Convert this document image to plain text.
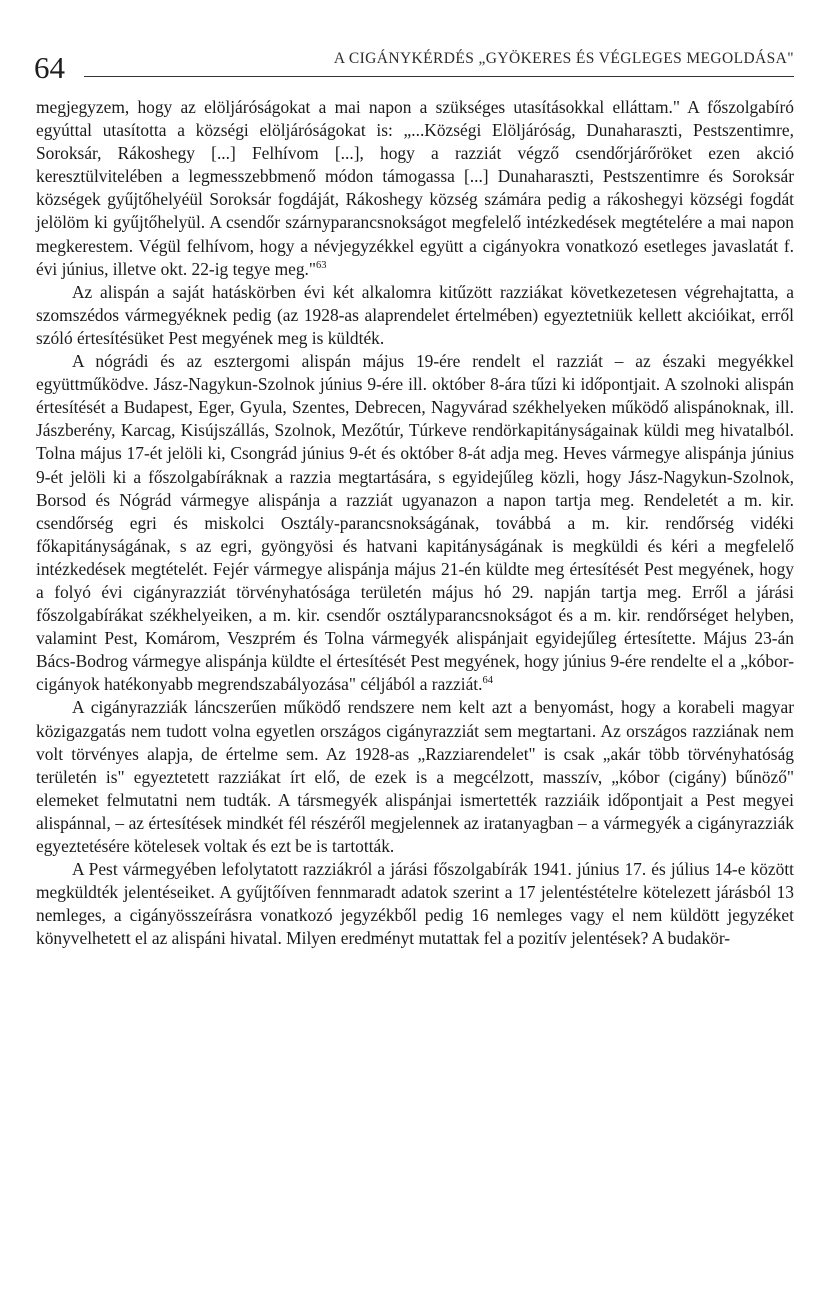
64	A CIGÁNYKÉRDÉS „GYÖKERES ÉS VÉGLEGES MEGOLDÁSA"

megjegyzem, hogy az elöljáróságokat a mai napon a szükséges utasításokkal elláttam." A főszolgabíró egyúttal utasította a községi elöljáróságokat is: „...Községi Elöljáróság, Dunaharaszti, Pestszentimre, Soroksár, Rákoshegy [...] Felhívom [...], hogy a razziát végző csendőrjárőröket ezen akció keresztülvitelében a legmesszebbmenő módon támogassa [...] Dunaharaszti, Pestszentimre és Soroksár községek gyűjtőhelyéül Soroksár fogdáját, Rákoshegy község számára pedig a rákoshegyi községi fogdát jelölöm ki gyűjtőhelyül. A csendőr szárnyparancsnokságot megfelelő intézkedések megtételére a mai napon megkerestem. Végül felhívom, hogy a névjegyzékkel együtt a cigányokra vonatkozó esetleges javaslatát f. évi június, illetve okt. 22-ig tegye meg."$^{63}$

Az alispán a saját hatáskörben évi két alkalomra kitűzött razziákat következetesen végrehajtatta, a szomszédos vármegyéknek pedig (az 1928-as alaprendelet értelmében) egyeztetniük kellett akcióikat, erről szóló értesítésüket Pest megyének meg is küldték.

A nógrádi és az esztergomi alispán május 19-ére rendelt el razziát – az északi megyékkel együttműködve. Jász-Nagykun-Szolnok június 9-ére ill. október 8-ára tűzi ki időpontjait. A szolnoki alispán értesítését a Budapest, Eger, Gyula, Szentes, Debrecen, Nagyvárad székhelyeken működő alispánoknak, ill. Jászberény, Karcag, Kisújszállás, Szolnok, Mezőtúr, Túrkeve rendörkapitányságainak küldi meg hivatalból. Tolna május 17-ét jelöli ki, Csongrád június 9-ét és október 8-át adja meg. Heves vármegye alispánja június 9-ét jelöli ki a főszolgabíráknak a razzia megtartására, s egyidejűleg közli, hogy Jász-Nagykun-Szolnok, Borsod és Nógrád vármegye alispánja a razziát ugyanazon a napon tartja meg. Rendeletét a m. kir. csendőrség egri és miskolci Osztály-parancsnokságának, továbbá a m. kir. rendőrség vidéki főkapitányságának, s az egri, gyöngyösi és hatvani kapitányságának is megküldi és kéri a megfelelő intézkedések megtételét. Fejér vármegye alispánja május 21-én küldte meg értesítését Pest megyének, hogy a folyó évi cigányrazziát törvényhatósága területén május hó 29. napján tartja meg. Erről a járási főszolgabírákat székhelyeiken, a m. kir. csendőr osztályparancsnokságot és a m. kir. rendőrséget helyben, valamint Pest, Komárom, Veszprém és Tolna vármegyék alispánjait egyidejűleg értesítette. Május 23-án Bács-Bodrog vármegye alispánja küldte el értesítését Pest megyének, hogy június 9-ére rendelte el a „kóbor-cigányok hatékonyabb megrendszabályozása" céljából a razziát.$^{64}$

A cigányrazziák láncszerűen működő rendszere nem kelt azt a benyomást, hogy a korabeli magyar közigazgatás nem tudott volna egyetlen országos cigányrazziát sem megtartani. Az országos razziának nem volt törvényes alapja, de értelme sem. Az 1928-as „Razziarendelet" is csak „akár több törvényhatóság területén is" egyeztetett razziákat írt elő, de ezek is a megcélzott, masszív, „kóbor (cigány) bűnöző" elemeket felmutatni nem tudták. A társmegyék alispánjai ismertették razziáik időpontjait a Pest megyei alispánnal, – az értesítések mindkét fél részéről megjelennek az iratanyagban – a vármegyék a cigányrazziák egyeztetésére kötelesek voltak és ezt be is tartották.

A Pest vármegyében lefolytatott razziákról a járási főszolgabírák 1941. június 17. és július 14-e között megküldték jelentéseiket. A gyűjtőíven fennmaradt adatok szerint a 17 jelentéstételre kötelezett járásból 13 nemleges, a cigányösszeírásra vonatkozó jegyzékből pedig 16 nemleges vagy el nem küldött jegyzéket könyvelhetett el az alispáni hivatal. Milyen eredményt mutattak fel a pozitív jelentések? A budakör-
